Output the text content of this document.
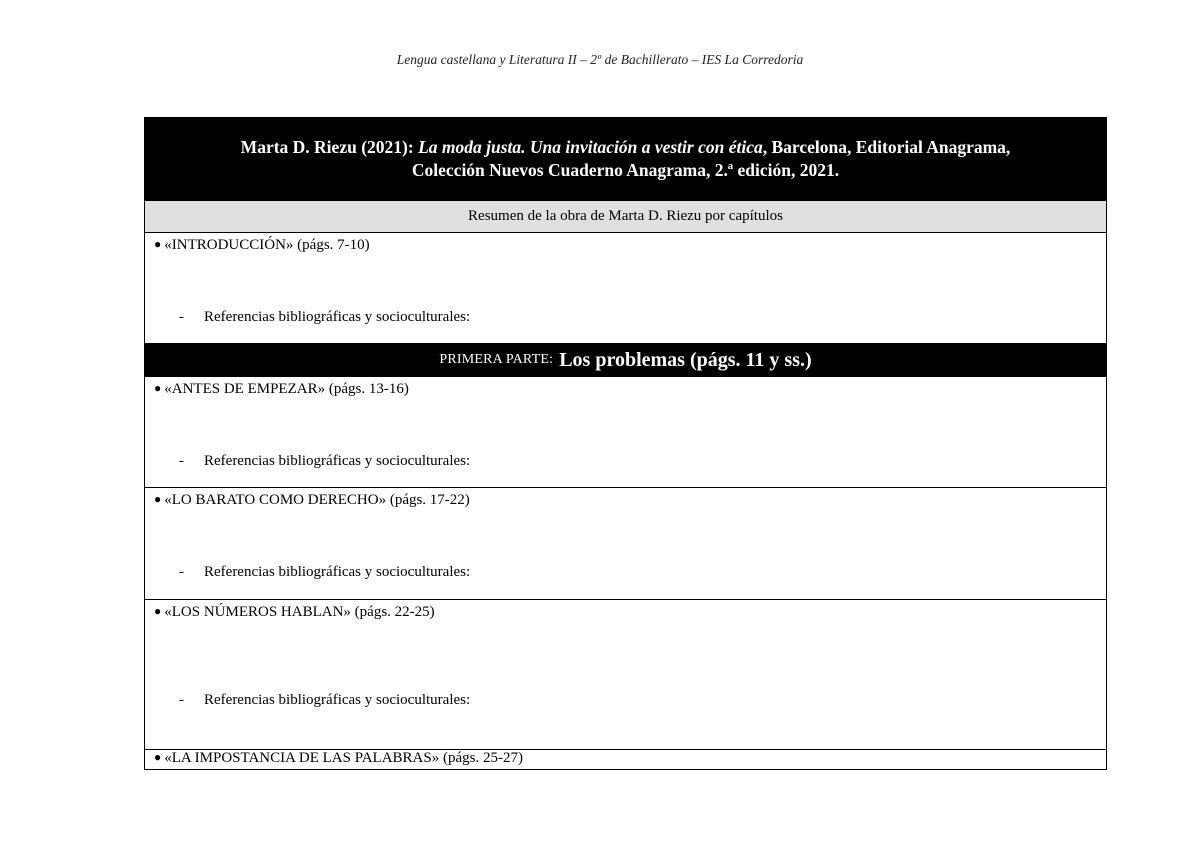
Lengua castellana y Literatura II – 2º de Bachillerato – IES La Corredoria
Marta D. Riezu (2021): La moda justa. Una invitación a vestir con ética, Barcelona, Editorial Anagrama,
Colección Nuevos Cuaderno Anagrama, 2.ª edición, 2021.
Resumen de la obra de Marta D. Riezu por capítulos
● «INTRODUCCIÓN» (págs. 7-10)
- Referencias bibliográficas y socioculturales:
PRIMERA PARTE: Los problemas (págs. 11 y ss.)
● «ANTES DE EMPEZAR» (págs. 13-16)
- Referencias bibliográficas y socioculturales:
● «LO BARATO COMO DERECHO» (págs. 17-22)
- Referencias bibliográficas y socioculturales:
● «LOS NÚMEROS HABLAN» (págs. 22-25)
- Referencias bibliográficas y socioculturales:
● «LA IMPOSTANCIA DE LAS PALABRAS» (págs. 25-27)
